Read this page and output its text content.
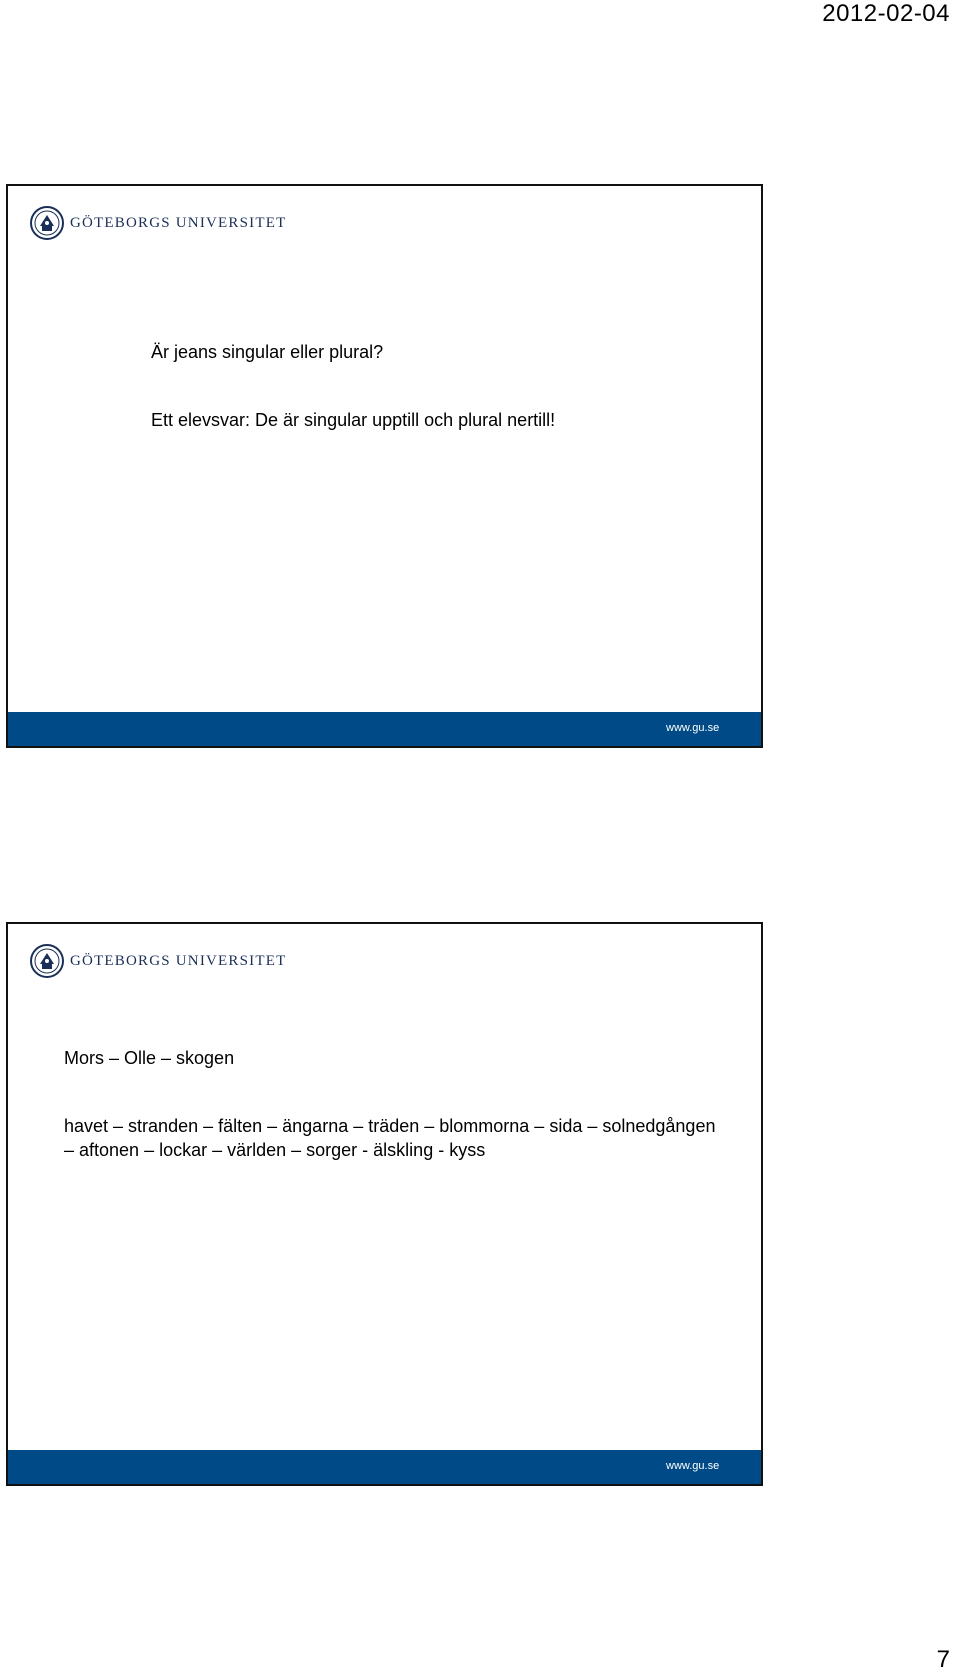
2012-02-04
GÖTEBORGS UNIVERSITET
Är jeans singular eller plural?
Ett elevsvar: De är singular upptill och plural nertill!
www.gu.se
GÖTEBORGS UNIVERSITET
Mors – Olle – skogen
havet – stranden – fälten – ängarna – träden – blommorna – sida – solnedgången
– aftonen – lockar – världen – sorger - älskling - kyss
www.gu.se
7
